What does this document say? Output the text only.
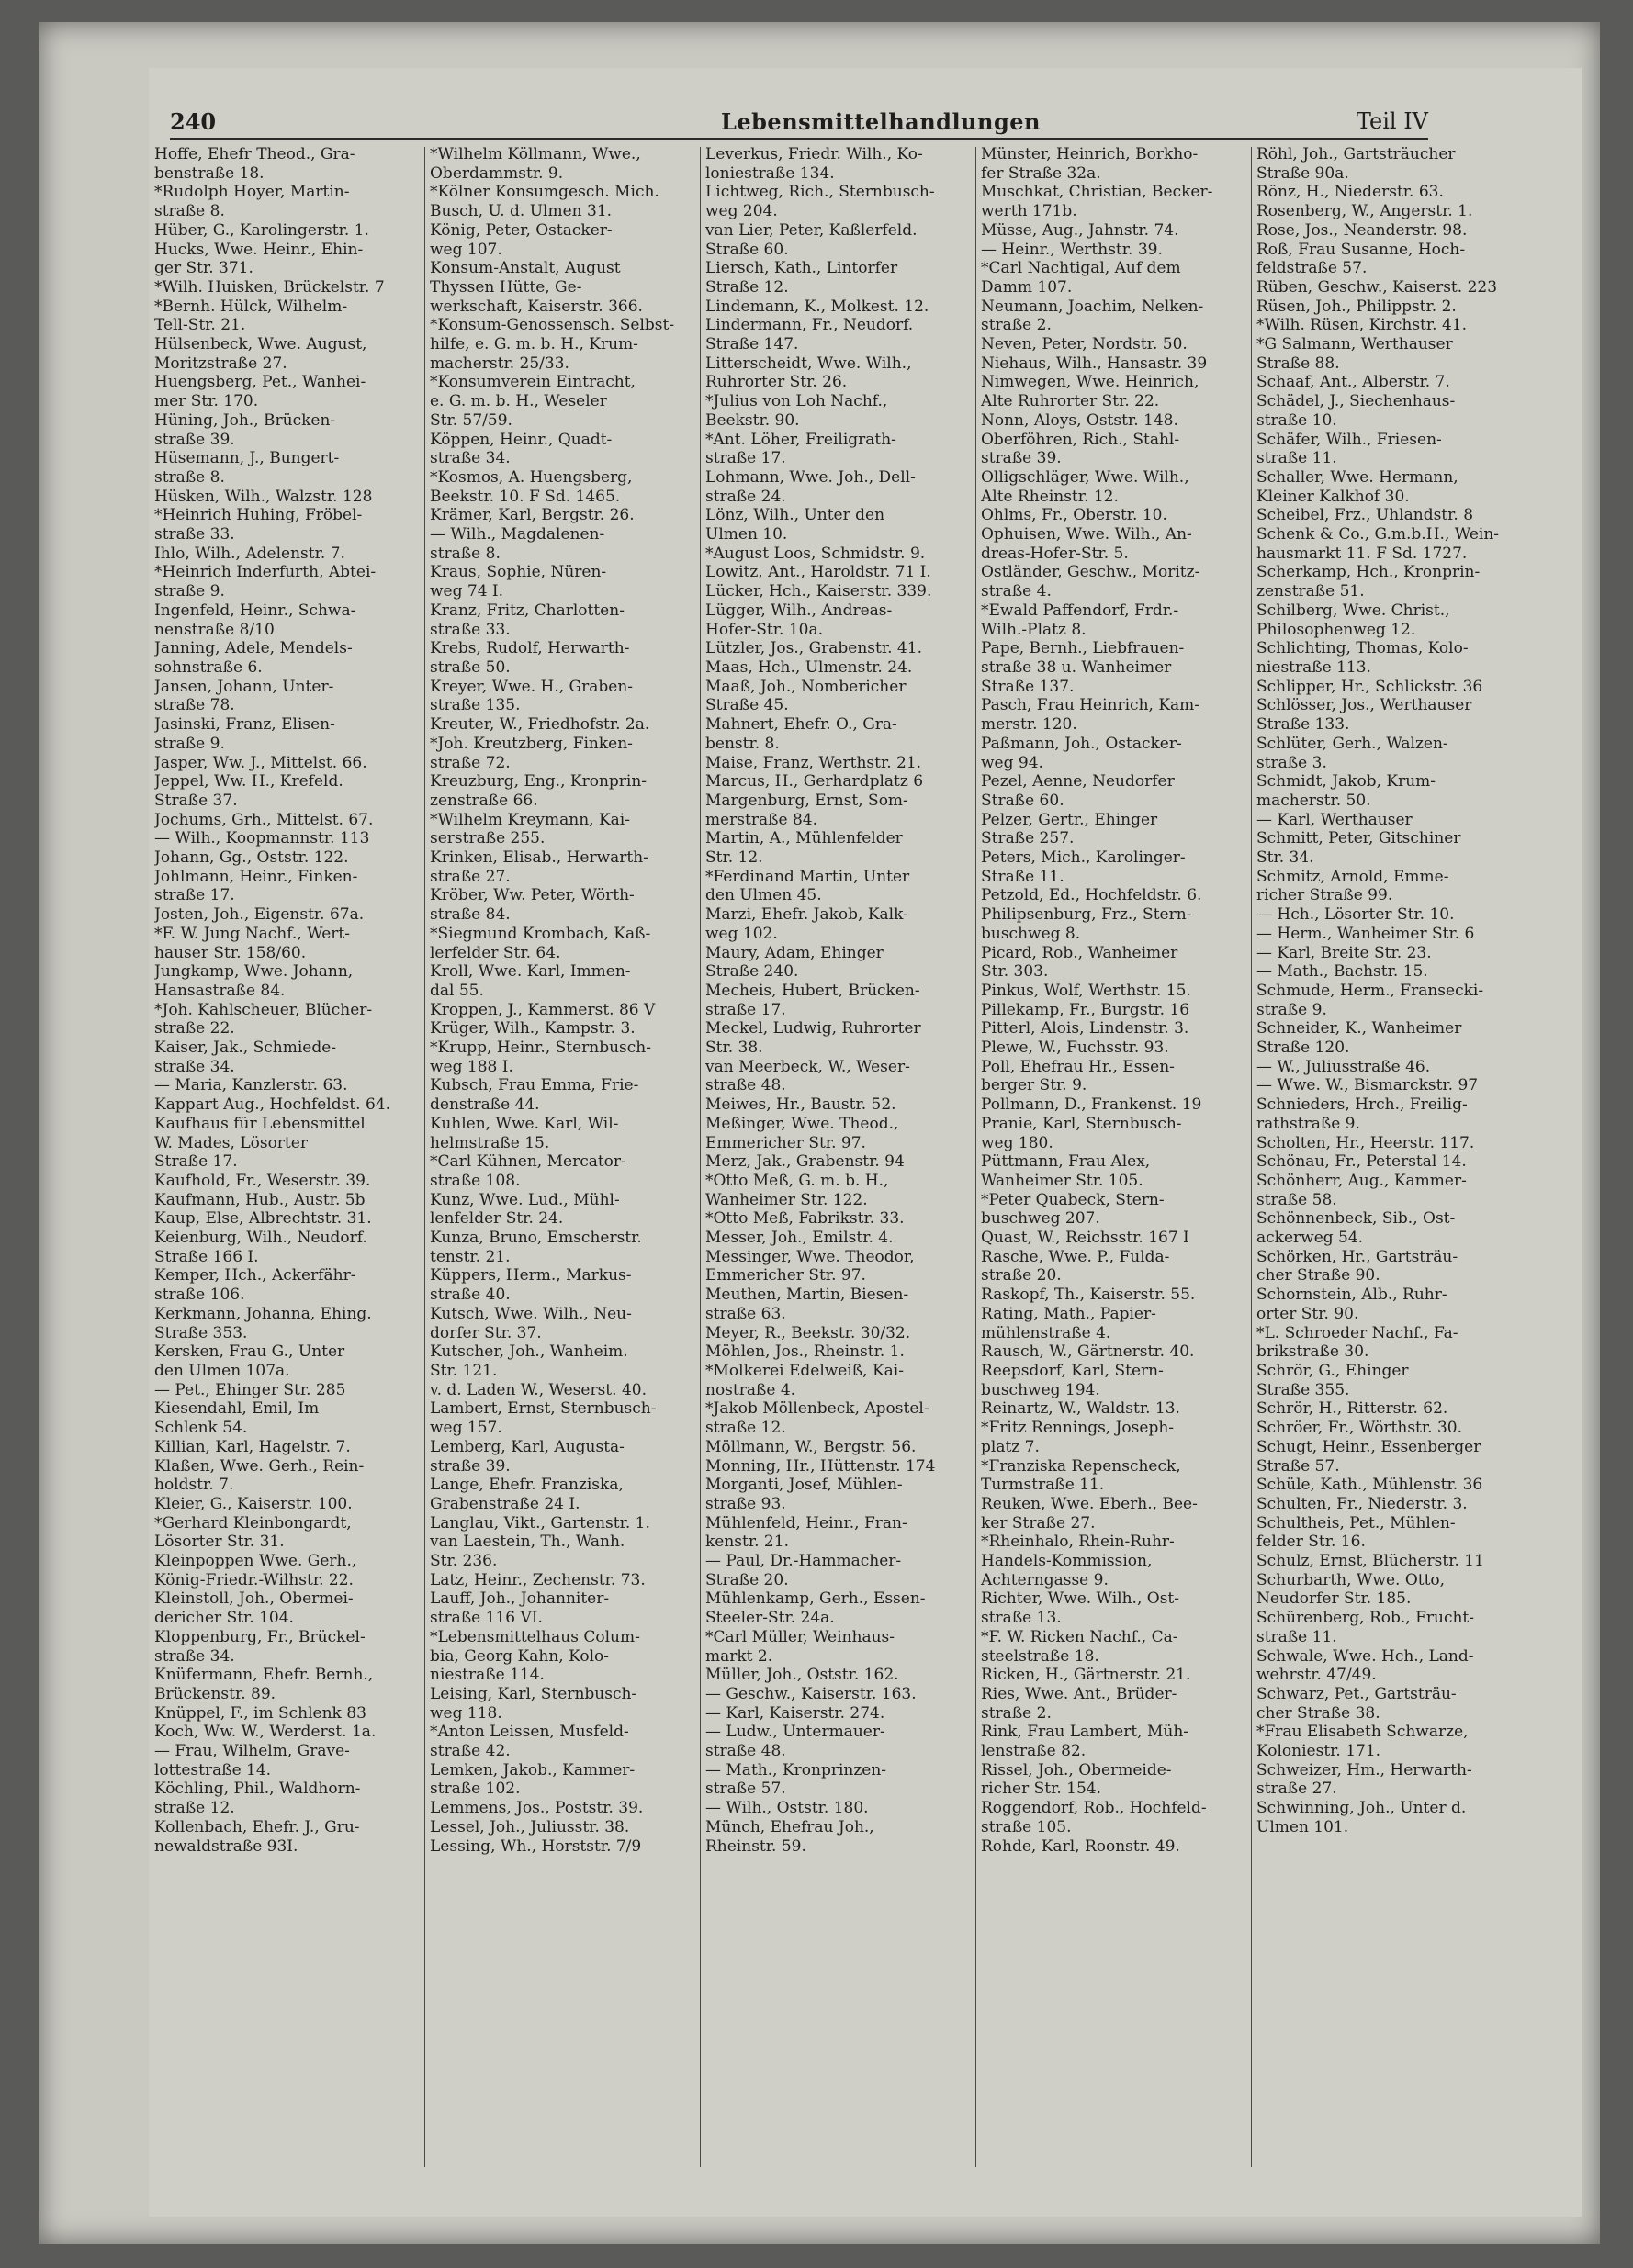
240	Lebensmittelhandlungen	Teil IV
Hoffe, Ehefr Theod., Gra-
benstraße 18.
*Rudolph Hoyer, Martin-
straße 8.
Hüber, G., Karolingerstr. 1.
Hucks, Wwe. Heinr., Ehin-
ger Str. 371.
*Wilh. Huisken, Brückelstr. 7
*Bernh. Hülck, Wilhelm-
Tell-Str. 21.
Hülsenbeck, Wwe. August,
Moritzstraße 27.
Huengsberg, Pet., Wanhei-
mer Str. 170.
Hüning, Joh., Brücken-
straße 39.
Hüsemann, J., Bungert-
straße 8.
Hüsken, Wilh., Walzstr. 128
*Heinrich Huhing, Fröbel-
straße 33.
Ihlo, Wilh., Adelenstr. 7.
*Heinrich Inderfurth, Abtei-
straße 9.
Ingenfeld, Heinr., Schwa-
nenstraße 8/10
Janning, Adele, Mendels-
sohnstraße 6.
Jansen, Johann, Unter-
straße 78.
Jasinski, Franz, Elisen-
straße 9.
Jasper, Ww. J., Mittelst. 66.
Jeppel, Ww. H., Krefeld.
Straße 37.
Jochums, Grh., Mittelst. 67.
— Wilh., Koopmannstr. 113
Johann, Gg., Oststr. 122.
Johlmann, Heinr., Finken-
straße 17.
Josten, Joh., Eigenstr. 67a.
*F. W. Jung Nachf., Wert-
hauser Str. 158/60.
Jungkamp, Wwe. Johann,
Hansastraße 84.
*Joh. Kahlscheuer, Blücher-
straße 22.
Kaiser, Jak., Schmiede-
straße 34.
— Maria, Kanzlerstr. 63.
Kappart Aug., Hochfeldst. 64.
Kaufhaus für Lebensmittel
W. Mades, Lösorter
Straße 17.
Kaufhold, Fr., Weserstr. 39.
Kaufmann, Hub., Austr. 5b
Kaup, Else, Albrechtstr. 31.
Keienburg, Wilh., Neudorf.
Straße 166 I.
Kemper, Hch., Ackerfähr-
straße 106.
Kerkmann, Johanna, Ehing.
Straße 353.
Kersken, Frau G., Unter
den Ulmen 107a.
— Pet., Ehinger Str. 285
Kiesendahl, Emil, Im
Schlenk 54.
Killian, Karl, Hagelstr. 7.
Klaßen, Wwe. Gerh., Rein-
holdstr. 7.
Kleier, G., Kaiserstr. 100.
*Gerhard Kleinbongardt,
Lösorter Str. 31.
Kleinpoppen Wwe. Gerh.,
König-Friedr.-Wilhstr. 22.
Kleinstoll, Joh., Obermei-
dericher Str. 104.
Kloppenburg, Fr., Brückel-
straße 34.
Knüfermann, Ehefr. Bernh.,
Brückenstr. 89.
Knüppel, F., im Schlenk 83
Koch, Ww. W., Werderst. 1a.
— Frau, Wilhelm, Grave-
lottestraße 14.
Köchling, Phil., Waldhorn-
straße 12.
Kollenbach, Ehefr. J., Gru-
newaldstraße 93I.
*Wilhelm Köllmann, Wwe.,
Oberdammstr. 9.
*Kölner Konsumgesch. Mich.
Busch, U. d. Ulmen 31.
König, Peter, Ostacker-
weg 107.
Konsum-Anstalt, August
Thyssen Hütte, Ge-
werkschaft, Kaiserstr. 366.
*Konsum-Genossensch. Selbst-
hilfe, e. G. m. b. H., Krum-
macherstr. 25/33.
*Konsumverein Eintracht,
e. G. m. b. H., Weseler
Str. 57/59.
Köppen, Heinr., Quadt-
straße 34.
*Kosmos, A. Huengsberg,
Beekstr. 10. F Sd. 1465.
Krämer, Karl, Bergstr. 26.
— Wilh., Magdalenen-
straße 8.
Kraus, Sophie, Nüren-
weg 74 I.
Kranz, Fritz, Charlotten-
straße 33.
Krebs, Rudolf, Herwarth-
straße 50.
Kreyer, Wwe. H., Graben-
straße 135.
Kreuter, W., Friedhofstr. 2a.
*Joh. Kreutzberg, Finken-
straße 72.
Kreuzburg, Eng., Kronprin-
zenstraße 66.
*Wilhelm Kreymann, Kai-
serstraße 255.
Krinken, Elisab., Herwarth-
straße 27.
Kröber, Ww. Peter, Wörth-
straße 84.
*Siegmund Krombach, Kaß-
lerfelder Str. 64.
Kroll, Wwe. Karl, Immen-
dal 55.
Kroppen, J., Kammerst. 86 V
Krüger, Wilh., Kampstr. 3.
*Krupp, Heinr., Sternbusch-
weg 188 I.
Kubsch, Frau Emma, Frie-
denstraße 44.
Kuhlen, Wwe. Karl, Wil-
helmstraße 15.
*Carl Kühnen, Mercator-
straße 108.
Kunz, Wwe. Lud., Mühl-
lenfelder Str. 24.
Kunza, Bruno, Emscherstr.
tenstr. 21.
Küppers, Herm., Markus-
straße 40.
Kutsch, Wwe. Wilh., Neu-
dorfer Str. 37.
Kutscher, Joh., Wanheim.
Str. 121.
v. d. Laden W., Weserst. 40.
Lambert, Ernst, Sternbusch-
weg 157.
Lemberg, Karl, Augusta-
straße 39.
Lange, Ehefr. Franziska,
Grabenstraße 24 I.
Langlau, Vikt., Gartenstr. 1.
van Laestein, Th., Wanh.
Str. 236.
Latz, Heinr., Zechenstr. 73.
Lauff, Joh., Johanniter-
straße 116 VI.
*Lebensmittelhaus Colum-
bia, Georg Kahn, Kolo-
niestraße 114.
Leising, Karl, Sternbusch-
weg 118.
*Anton Leissen, Musfeld-
straße 42.
Lemken, Jakob., Kammer-
straße 102.
Lemmens, Jos., Poststr. 39.
Lessel, Joh., Juliusstr. 38.
Lessing, Wh., Horststr. 7/9
Leverkus, Friedr. Wilh., Ko-
loniestraße 134.
Lichtweg, Rich., Sternbusch-
weg 204.
van Lier, Peter, Kaßlerfeld.
Straße 60.
Liersch, Kath., Lintorfer
Straße 12.
Lindemann, K., Molkest. 12.
Lindermann, Fr., Neudorf.
Straße 147.
Litterscheidt, Wwe. Wilh.,
Ruhrorter Str. 26.
*Julius von Loh Nachf.,
Beekstr. 90.
*Ant. Löher, Freiligrath-
straße 17.
Lohmann, Wwe. Joh., Dell-
straße 24.
Lönz, Wilh., Unter den
Ulmen 10.
*August Loos, Schmidstr. 9.
Lowitz, Ant., Haroldstr. 71 I.
Lücker, Hch., Kaiserstr. 339.
Lügger, Wilh., Andreas-
Hofer-Str. 10a.
Lützler, Jos., Grabenstr. 41.
Maas, Hch., Ulmenstr. 24.
Maaß, Joh., Nombericher
Straße 45.
Mahnert, Ehefr. O., Gra-
benstr. 8.
Maise, Franz, Werthstr. 21.
Marcus, H., Gerhardplatz 6
Margenburg, Ernst, Som-
merstraße 84.
Martin, A., Mühlenfelder
Str. 12.
*Ferdinand Martin, Unter
den Ulmen 45.
Marzi, Ehefr. Jakob, Kalk-
weg 102.
Maury, Adam, Ehinger
Straße 240.
Mecheis, Hubert, Brücken-
straße 17.
Meckel, Ludwig, Ruhrorter
Str. 38.
van Meerbeck, W., Weser-
straße 48.
Meiwes, Hr., Baustr. 52.
Meßinger, Wwe. Theod.,
Emmericher Str. 97.
Merz, Jak., Grabenstr. 94
*Otto Meß, G. m. b. H.,
Wanheimer Str. 122.
*Otto Meß, Fabrikstr. 33.
Messer, Joh., Emilstr. 4.
Messinger, Wwe. Theodor,
Emmericher Str. 97.
Meuthen, Martin, Biesen-
straße 63.
Meyer, R., Beekstr. 30/32.
Möhlen, Jos., Rheinstr. 1.
*Molkerei Edelweiß, Kai-
nostraße 4.
*Jakob Möllenbeck, Apostel-
straße 12.
Möllmann, W., Bergstr. 56.
Monning, Hr., Hüttenstr. 174
Morganti, Josef, Mühlen-
straße 93.
Mühlenfeld, Heinr., Fran-
kenstr. 21.
— Paul, Dr.-Hammacher-
Straße 20.
Mühlenkamp, Gerh., Essen-
Steeler-Str. 24a.
*Carl Müller, Weinhaus-
markt 2.
Müller, Joh., Oststr. 162.
— Geschw., Kaiserstr. 163.
— Karl, Kaiserstr. 274.
— Ludw., Untermauer-
straße 48.
— Math., Kronprinzen-
straße 57.
— Wilh., Oststr. 180.
Münch, Ehefrau Joh.,
Rheinstr. 59.
Münster, Heinrich, Borkho-
fer Straße 32a.
Muschkat, Christian, Becker-
werth 171b.
Müsse, Aug., Jahnstr. 74.
— Heinr., Werthstr. 39.
*Carl Nachtigal, Auf dem
Damm 107.
Neumann, Joachim, Nelken-
straße 2.
Neven, Peter, Nordstr. 50.
Niehaus, Wilh., Hansastr. 39
Nimwegen, Wwe. Heinrich,
Alte Ruhrorter Str. 22.
Nonn, Aloys, Oststr. 148.
Oberföhren, Rich., Stahl-
straße 39.
Olligschläger, Wwe. Wilh.,
Alte Rheinstr. 12.
Ohlms, Fr., Oberstr. 10.
Ophuisen, Wwe. Wilh., An-
dreas-Hofer-Str. 5.
Ostländer, Geschw., Moritz-
straße 4.
*Ewald Paffendorf, Frdr.-
Wilh.-Platz 8.
Pape, Bernh., Liebfrauen-
straße 38 u. Wanheimer
Straße 137.
Pasch, Frau Heinrich, Kam-
merstr. 120.
Paßmann, Joh., Ostacker-
weg 94.
Pezel, Aenne, Neudorfer
Straße 60.
Pelzer, Gertr., Ehinger
Straße 257.
Peters, Mich., Karolinger-
Straße 11.
Petzold, Ed., Hochfeldstr. 6.
Philipsenburg, Frz., Stern-
buschweg 8.
Picard, Rob., Wanheimer
Str. 303.
Pinkus, Wolf, Werthstr. 15.
Pillekamp, Fr., Burgstr. 16
Pitterl, Alois, Lindenstr. 3.
Plewe, W., Fuchsstr. 93.
Poll, Ehefrau Hr., Essen-
berger Str. 9.
Pollmann, D., Frankenst. 19
Pranie, Karl, Sternbusch-
weg 180.
Püttmann, Frau Alex,
Wanheimer Str. 105.
*Peter Quabeck, Stern-
buschweg 207.
Quast, W., Reichsstr. 167 I
Rasche, Wwe. P., Fulda-
straße 20.
Raskopf, Th., Kaiserstr. 55.
Rating, Math., Papier-
mühlenstraße 4.
Rausch, W., Gärtnerstr. 40.
Reepsdorf, Karl, Stern-
buschweg 194.
Reinartz, W., Waldstr. 13.
*Fritz Rennings, Joseph-
platz 7.
*Franziska Repenscheck,
Turmstraße 11.
Reuken, Wwe. Eberh., Bee-
ker Straße 27.
*Rheinhalo, Rhein-Ruhr-
Handels-Kommission,
Achterngasse 9.
Richter, Wwe. Wilh., Ost-
straße 13.
*F. W. Ricken Nachf., Ca-
steelstraße 18.
Ricken, H., Gärtnerstr. 21.
Ries, Wwe. Ant., Brüder-
straße 2.
Rink, Frau Lambert, Müh-
lenstraße 82.
Rissel, Joh., Obermeide-
richer Str. 154.
Roggendorf, Rob., Hochfeld-
straße 105.
Rohde, Karl, Roonstr. 49.
Röhl, Joh., Gartsträucher
Straße 90a.
Rönz, H., Niederstr. 63.
Rosenberg, W., Angerstr. 1.
Rose, Jos., Neanderstr. 98.
Roß, Frau Susanne, Hoch-
feldstraße 57.
Rüben, Geschw., Kaiserst. 223
Rüsen, Joh., Philippstr. 2.
*Wilh. Rüsen, Kirchstr. 41.
*G Salmann, Werthauser
Straße 88.
Schaaf, Ant., Alberstr. 7.
Schädel, J., Siechenhaus-
straße 10.
Schäfer, Wilh., Friesen-
straße 11.
Schaller, Wwe. Hermann,
Kleiner Kalkhof 30.
Scheibel, Frz., Uhlandstr. 8
Schenk & Co., G.m.b.H., Wein-
hausmarkt 11. F Sd. 1727.
Scherkamp, Hch., Kronprin-
zenstraße 51.
Schilberg, Wwe. Christ.,
Philosophenweg 12.
Schlichting, Thomas, Kolo-
niestraße 113.
Schlipper, Hr., Schlickstr. 36
Schlösser, Jos., Werthauser
Straße 133.
Schlüter, Gerh., Walzen-
straße 3.
Schmidt, Jakob, Krum-
macherstr. 50.
— Karl, Werthauser
Schmitt, Peter, Gitschiner
Str. 34.
Schmitz, Arnold, Emme-
richer Straße 99.
— Hch., Lösorter Str. 10.
— Herm., Wanheimer Str. 6
— Karl, Breite Str. 23.
— Math., Bachstr. 15.
Schmude, Herm., Fransecki-
straße 9.
Schneider, K., Wanheimer
Straße 120.
— W., Juliusstraße 46.
— Wwe. W., Bismarckstr. 97
Schnieders, Hrch., Freilig-
rathstraße 9.
Scholten, Hr., Heerstr. 117.
Schönau, Fr., Peterstal 14.
Schönherr, Aug., Kammer-
straße 58.
Schönnenbeck, Sib., Ost-
ackerweg 54.
Schörken, Hr., Gartsträu-
cher Straße 90.
Schornstein, Alb., Ruhr-
orter Str. 90.
*L. Schroeder Nachf., Fa-
brikstraße 30.
Schrör, G., Ehinger
Straße 355.
Schrör, H., Ritterstr. 62.
Schröer, Fr., Wörthstr. 30.
Schugt, Heinr., Essenberger
Straße 57.
Schüle, Kath., Mühlenstr. 36
Schulten, Fr., Niederstr. 3.
Schultheis, Pet., Mühlen-
felder Str. 16.
Schulz, Ernst, Blücherstr. 11
Schurbarth, Wwe. Otto,
Neudorfer Str. 185.
Schürenberg, Rob., Frucht-
straße 11.
Schwale, Wwe. Hch., Land-
wehrstr. 47/49.
Schwarz, Pet., Gartsträu-
cher Straße 38.
*Frau Elisabeth Schwarze,
Koloniestr. 171.
Schweizer, Hm., Herwarth-
straße 27.
Schwinning, Joh., Unter d.
Ulmen 101.
